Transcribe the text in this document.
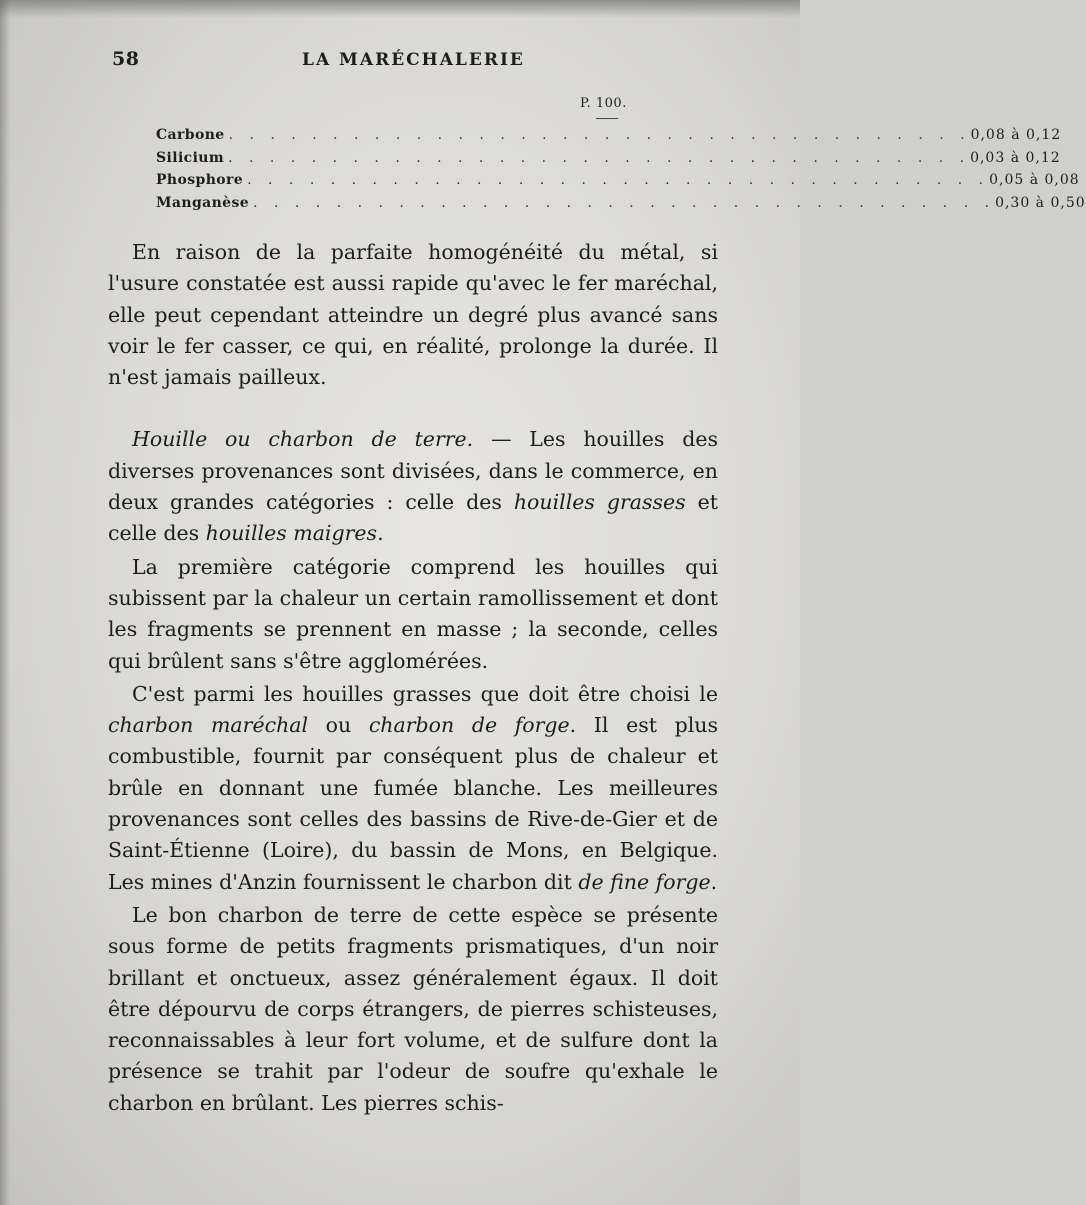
58	LA MARÉCHALERIE
P. 100.
Carbone . . . . . . . . . . . . . . . . . . . . . . . . . . . . . . . . . . . . 0,08 à 0,12
Silicium . . . . . . . . . . . . . . . . . . . . . . . . . . . . . . . . . . . . 0,03 à 0,12
Phosphore . . . . . . . . . . . . . . . . . . . . . . . . . . . . . . . . . . . . 0,05 à 0,08
Manganèse . . . . . . . . . . . . . . . . . . . . . . . . . . . . . . . . . . . . 0,30 à 0,50

En raison de la parfaite homogénéité du métal, si l'usure constatée est aussi rapide qu'avec le fer maréchal, elle peut cependant atteindre un degré plus avancé sans voir le fer casser, ce qui, en réalité, prolonge la durée. Il n'est jamais pailleux.

Houille ou charbon de terre. — Les houilles des diverses provenances sont divisées, dans le commerce, en deux grandes catégories : celle des houilles grasses et celle des houilles maigres.

La première catégorie comprend les houilles qui subissent par la chaleur un certain ramollissement et dont les fragments se prennent en masse ; la seconde, celles qui brûlent sans s'être agglomérées.

C'est parmi les houilles grasses que doit être choisi le charbon maréchal ou charbon de forge. Il est plus combustible, fournit par conséquent plus de chaleur et brûle en donnant une fumée blanche. Les meilleures provenances sont celles des bassins de Rive-de-Gier et de Saint-Étienne (Loire), du bassin de Mons, en Belgique. Les mines d'Anzin fournissent le charbon dit de fine forge.

Le bon charbon de terre de cette espèce se présente sous forme de petits fragments prismatiques, d'un noir brillant et onctueux, assez généralement égaux. Il doit être dépourvu de corps étrangers, de pierres schisteuses, reconnaissables à leur fort volume, et de sulfure dont la présence se trahit par l'odeur de soufre qu'exhale le charbon en brûlant. Les pierres schis-
